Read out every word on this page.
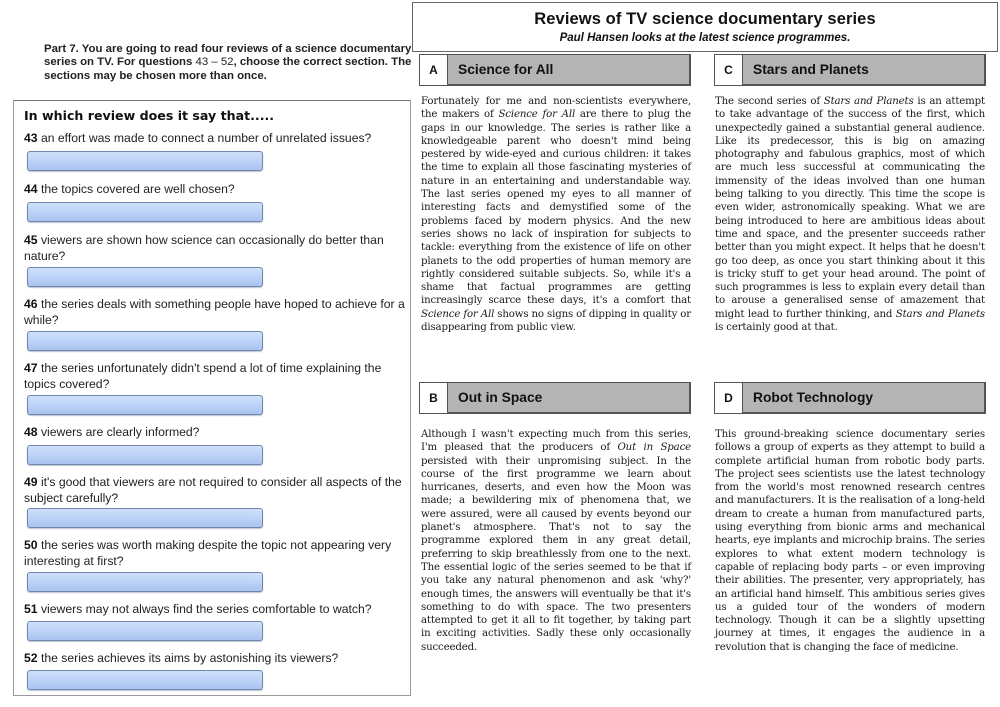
Part 7. You are going to read four reviews of a science documentary series on TV. For questions 43 – 52, choose the correct section. The sections may be chosen more than once.
In which review does it say that.....
43 an effort was made to connect a number of unrelated issues?
44 the topics covered are well chosen?
45 viewers are shown how science can occasionally do better than nature?
46 the series deals with something people have hoped to achieve for a while?
47 the series unfortunately didn't spend a lot of time explaining the topics covered?
48 viewers are clearly informed?
49 it's good that viewers are not required to consider all aspects of the subject carefully?
50 the series was worth making despite the topic not appearing very interesting at first?
51 viewers may not always find the series comfortable to watch?
52 the series achieves its aims by astonishing its viewers?
Reviews of TV science documentary series
Paul Hansen looks at the latest science programmes.
A	Science for All
Fortunately for me and non-scientists everywhere, the makers of Science for All are there to plug the gaps in our knowledge. The series is rather like a knowledgeable parent who doesn't mind being pestered by wide-eyed and curious children: it takes the time to explain all those fascinating mysteries of nature in an entertaining and understandable way. The last series opened my eyes to all manner of interesting facts and demystified some of the problems faced by modern physics. And the new series shows no lack of inspiration for subjects to tackle: everything from the existence of life on other planets to the odd properties of human memory are rightly considered suitable subjects. So, while it's a shame that factual programmes are getting increasingly scarce these days, it's a comfort that Science for All shows no signs of dipping in quality or disappearing from public view.
C	Stars and Planets
The second series of Stars and Planets is an attempt to take advantage of the success of the first, which unexpectedly gained a substantial general audience. Like its predecessor, this is big on amazing photography and fabulous graphics, most of which are much less successful at communicating the immensity of the ideas involved than one human being talking to you directly. This time the scope is even wider, astronomically speaking. What we are being introduced to here are ambitious ideas about time and space, and the presenter succeeds rather better than you might expect. It helps that he doesn't go too deep, as once you start thinking about it this is tricky stuff to get your head around. The point of such programmes is less to explain every detail than to arouse a generalised sense of amazement that might lead to further thinking, and Stars and Planets is certainly good at that.
B	Out in Space
Although I wasn't expecting much from this series, I'm pleased that the producers of Out in Space persisted with their unpromising subject. In the course of the first programme we learn about hurricanes, deserts, and even how the Moon was made; a bewildering mix of phenomena that, we were assured, were all caused by events beyond our planet's atmosphere. That's not to say the programme explored them in any great detail, preferring to skip breathlessly from one to the next. The essential logic of the series seemed to be that if you take any natural phenomenon and ask 'why?' enough times, the answers will eventually be that it's something to do with space. The two presenters attempted to get it all to fit together, by taking part in exciting activities. Sadly these only occasionally succeeded.
D	Robot Technology
This ground-breaking science documentary series follows a group of experts as they attempt to build a complete artificial human from robotic body parts. The project sees scientists use the latest technology from the world's most renowned research centres and manufacturers. It is the realisation of a long-held dream to create a human from manufactured parts, using everything from bionic arms and mechanical hearts, eye implants and microchip brains. The series explores to what extent modern technology is capable of replacing body parts – or even improving their abilities. The presenter, very appropriately, has an artificial hand himself. This ambitious series gives us a guided tour of the wonders of modern technology. Though it can be a slightly upsetting journey at times, it engages the audience in a revolution that is changing the face of medicine.
